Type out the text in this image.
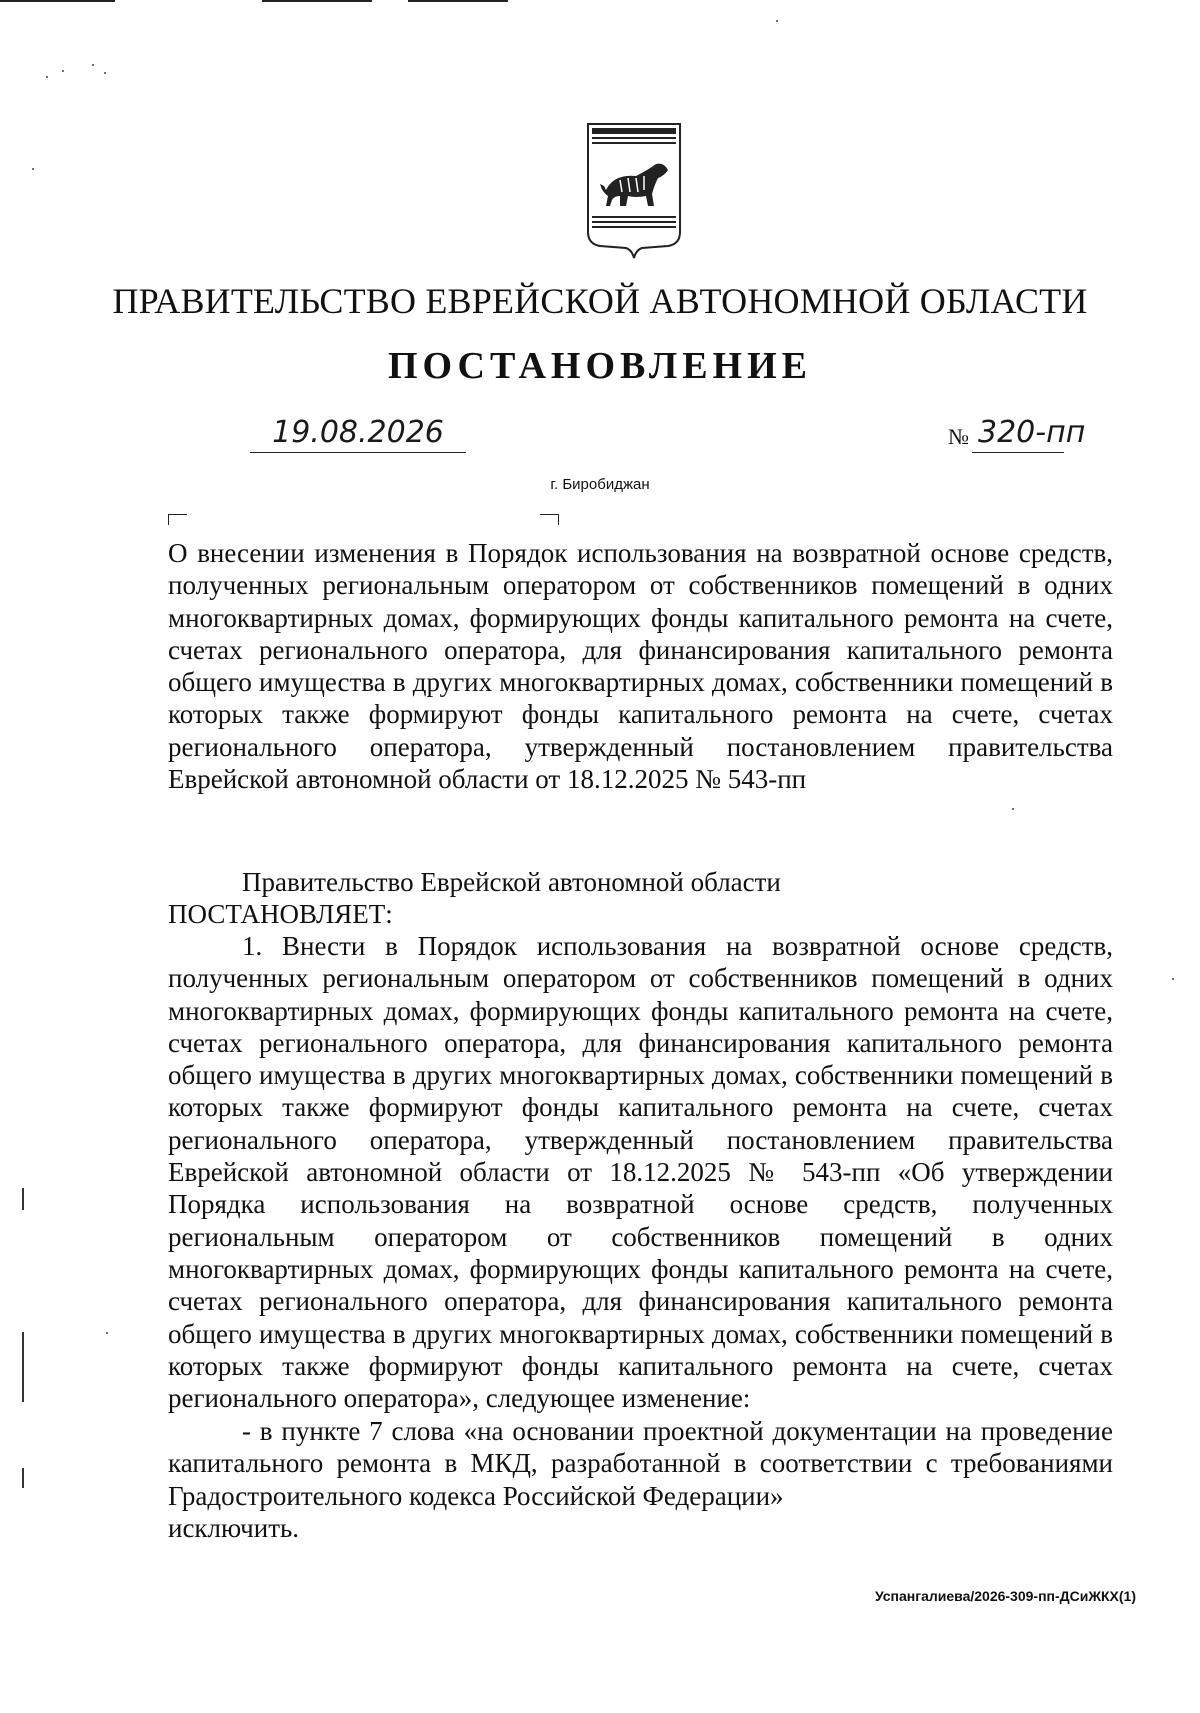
ПРАВИТЕЛЬСТВО ЕВРЕЙСКОЙ АВТОНОМНОЙ ОБЛАСТИ
ПОСТАНОВЛЕНИЕ
19.08.2026	№ 320-пп
г. Биробиджан

О внесении изменения в Порядок использования на возвратной основе средств, полученных региональным оператором от собственников помещений в одних многоквартирных домах, формирующих фонды капитального ремонта на счете, счетах регионального оператора, для финансирования капитального ремонта общего имущества в других многоквартирных домах, собственники помещений в которых также формируют фонды капитального ремонта на счете, счетах регионального оператора, утвержденный постановлением правительства Еврейской автономной области от 18.12.2025 № 543-пп

Правительство Еврейской автономной области

ПОСТАНОВЛЯЕТ:

1. Внести в Порядок использования на возвратной основе средств, полученных региональным оператором от собственников помещений в одних многоквартирных домах, формирующих фонды капитального ремонта на счете, счетах регионального оператора, для финансирования капитального ремонта общего имущества в других многоквартирных домах, собственники помещений в которых также формируют фонды капитального ремонта на счете, счетах регионального оператора, утвержденный постановлением правительства Еврейской автономной области от 18.12.2025 № 543-пп «Об утверждении Порядка использования на возвратной основе средств, полученных региональным оператором от собственников помещений в одних многоквартирных домах, формирующих фонды капитального ремонта на счете, счетах регионального оператора, для финансирования капитального ремонта общего имущества в других многоквартирных домах, собственники помещений в которых также формируют фонды капитального ремонта на счете, счетах регионального оператора», следующее изменение:

- в пункте 7 слова «на основании проектной документации на проведение капитального ремонта в МКД, разработанной в соответствии с требованиями Градостроительного кодекса Российской Федерации»

исключить.

Успангалиева/2026-309-пп-ДСиЖКХ(1)
